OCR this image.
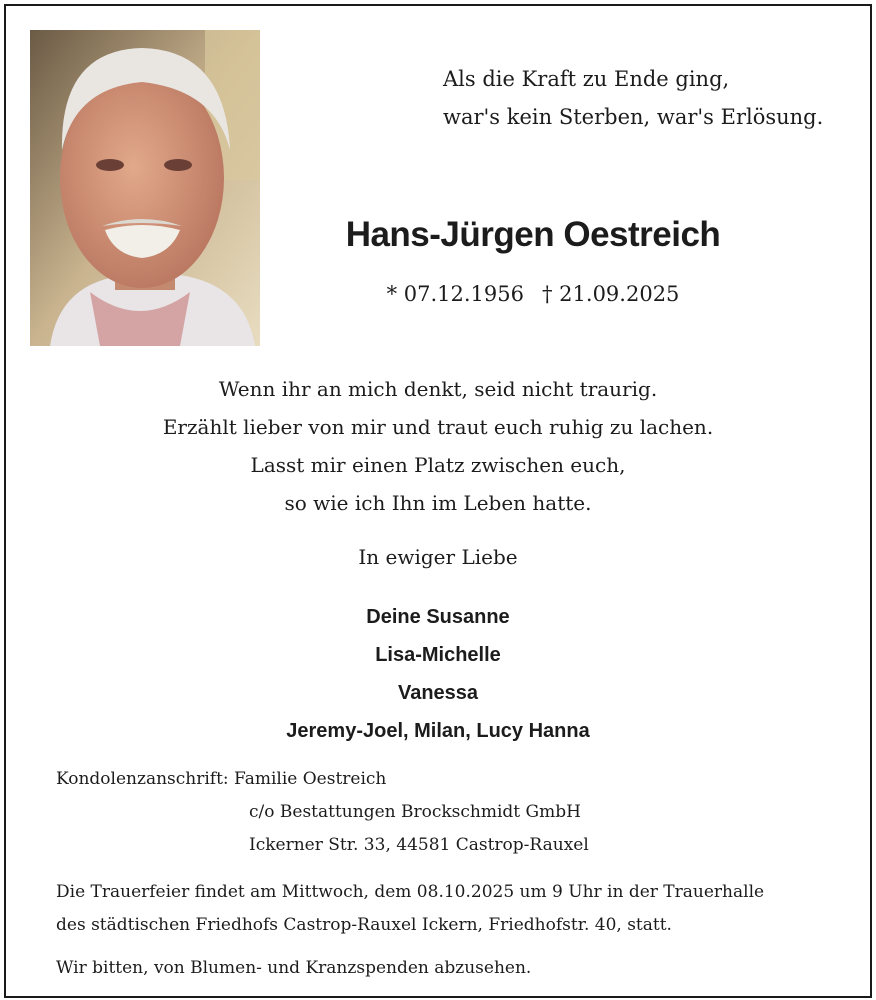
Als die Kraft zu Ende ging,
war's kein Sterben, war's Erlösung.
Hans-Jürgen Oestreich
* 07.12.1956 † 21.09.2025
Wenn ihr an mich denkt, seid nicht traurig.
Erzählt lieber von mir und traut euch ruhig zu lachen.
Lasst mir einen Platz zwischen euch,
so wie ich Ihn im Leben hatte.
In ewiger Liebe
Deine Susanne
Lisa-Michelle
Vanessa
Jeremy-Joel, Milan, Lucy Hanna
Kondolenzanschrift: Familie Oestreich
c/o Bestattungen Brockschmidt GmbH
Ickerner Str. 33, 44581 Castrop-Rauxel
Die Trauerfeier findet am Mittwoch, dem 08.10.2025 um 9 Uhr in der Trauerhalle
des städtischen Friedhofs Castrop-Rauxel Ickern, Friedhofstr. 40, statt.
Wir bitten, von Blumen- und Kranzspenden abzusehen.
